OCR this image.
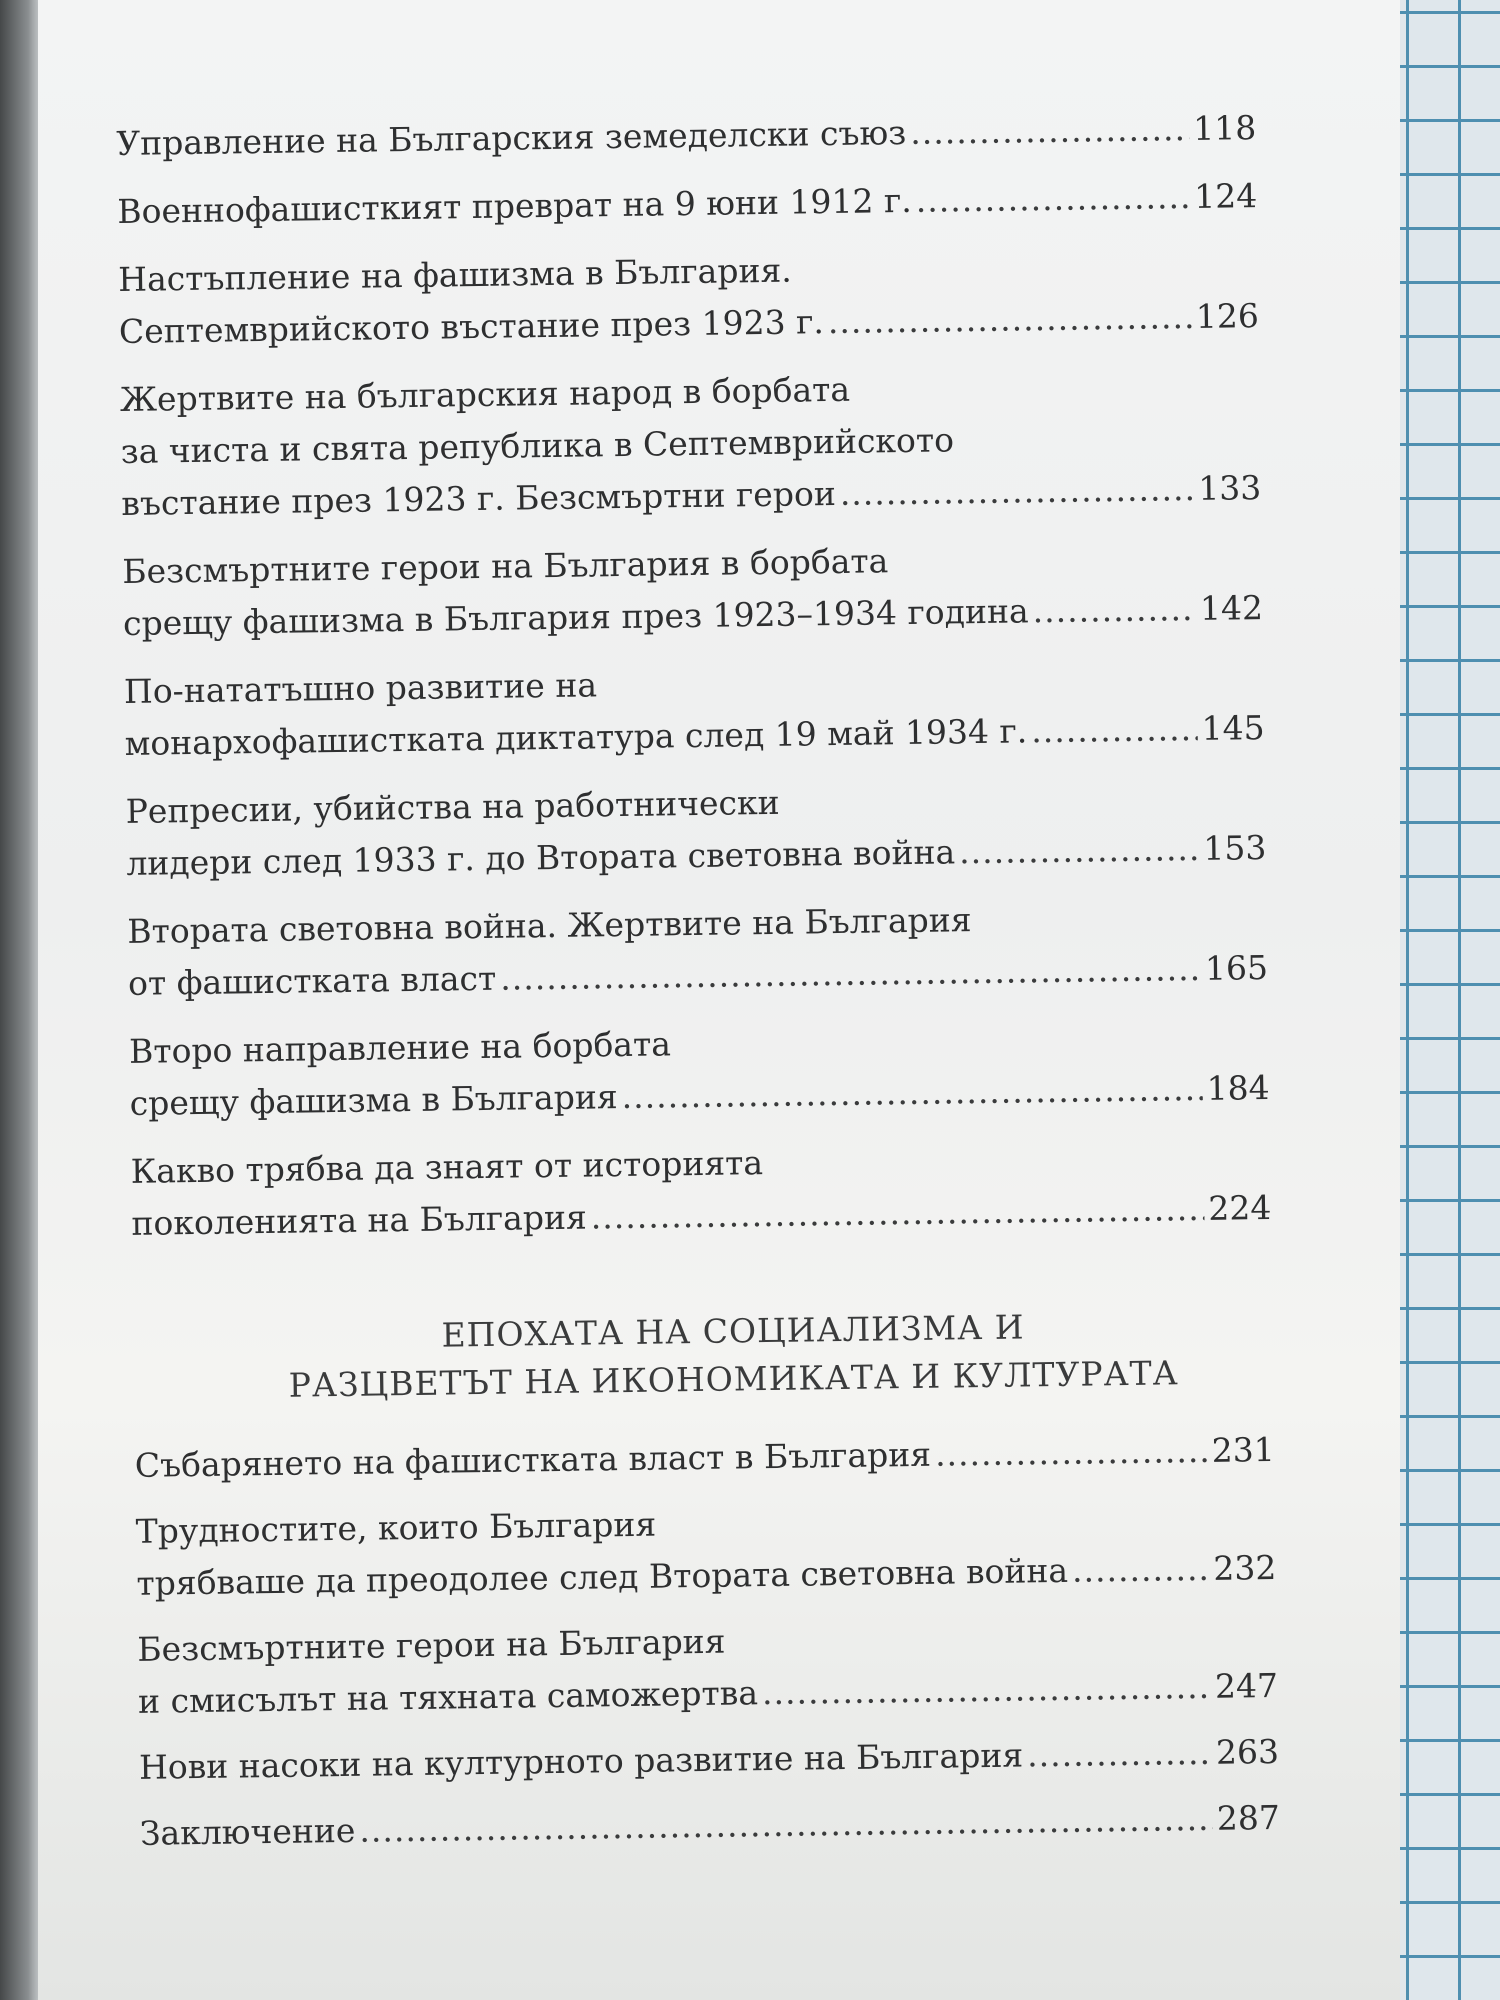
Управление на Българския земеделски съюз .....	118
Военнофашисткият преврат на 9 юни 1912 г. .....	124
Настъпление на фашизма в България.
Септемврийското въстание през 1923 г. .....	126
Жертвите на българския народ в борбата
за чиста и свята република в Септемврийското
въстание през 1923 г. Безсмъртни герои .....	133
Безсмъртните герои на България в борбата
срещу фашизма в България през 1923–1934 година .....	142
По-нататъшно развитие на
монархофашистката диктатура след 19 май 1934 г. .....	145
Репресии, убийства на работнически
лидери след 1933 г. до Втората световна война .....	153
Втората световна война. Жертвите на България
от фашистката власт .....	165
Второ направление на борбата
срещу фашизма в България .....	184
Какво трябва да знаят от историята
поколенията на България .....	224
ЕПОХАТА НА СОЦИАЛИЗМА И
РАЗЦВЕТЪТ НА ИКОНОМИКАТА И КУЛТУРАТА
Събарянето на фашистката власт в България .....	231
Трудностите, които България
трябваше да преодолее след Втората световна война .....	232
Безсмъртните герои на България
и смисълът на тяхната саможертва .....	247
Нови насоки на културното развитие на България .....	263
Заключение .....	287
